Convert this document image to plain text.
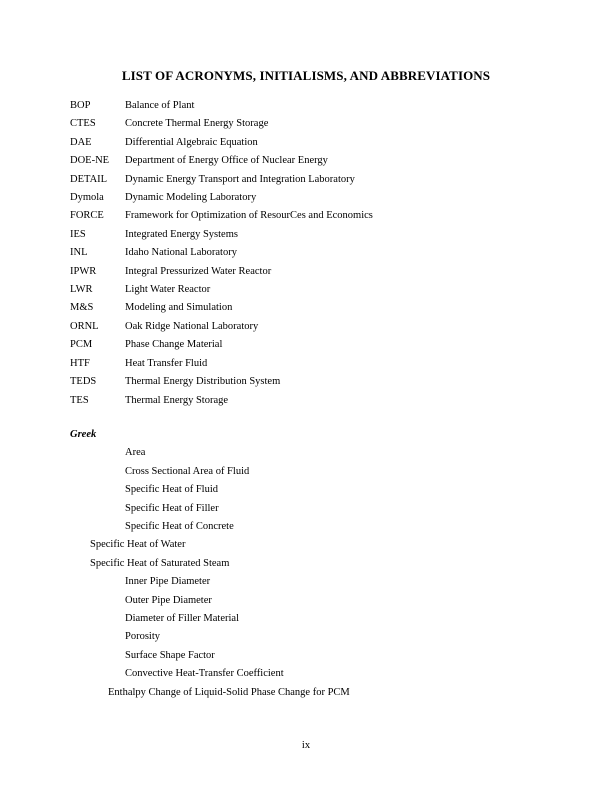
LIST OF ACRONYMS, INITIALISMS, AND ABBREVIATIONS
BOP	Balance of Plant
CTES	Concrete Thermal Energy Storage
DAE	Differential Algebraic Equation
DOE-NE	Department of Energy Office of Nuclear Energy
DETAIL	Dynamic Energy Transport and Integration Laboratory
Dymola	Dynamic Modeling Laboratory
FORCE	Framework for Optimization of ResourCes and Economics
IES	Integrated Energy Systems
INL	Idaho National Laboratory
IPWR	Integral Pressurized Water Reactor
LWR	Light Water Reactor
M&S	Modeling and Simulation
ORNL	Oak Ridge National Laboratory
PCM	Phase Change Material
HTF	Heat Transfer Fluid
TEDS	Thermal Energy Distribution System
TES	Thermal Energy Storage
Greek
Area
Cross Sectional Area of Fluid
Specific Heat of Fluid
Specific Heat of Filler
Specific Heat of Concrete
Specific Heat of Water
Specific Heat of Saturated Steam
Inner Pipe Diameter
Outer Pipe Diameter
Diameter of Filler Material
Porosity
Surface Shape Factor
Convective Heat-Transfer Coefficient
Enthalpy Change of Liquid-Solid Phase Change for PCM
ix
